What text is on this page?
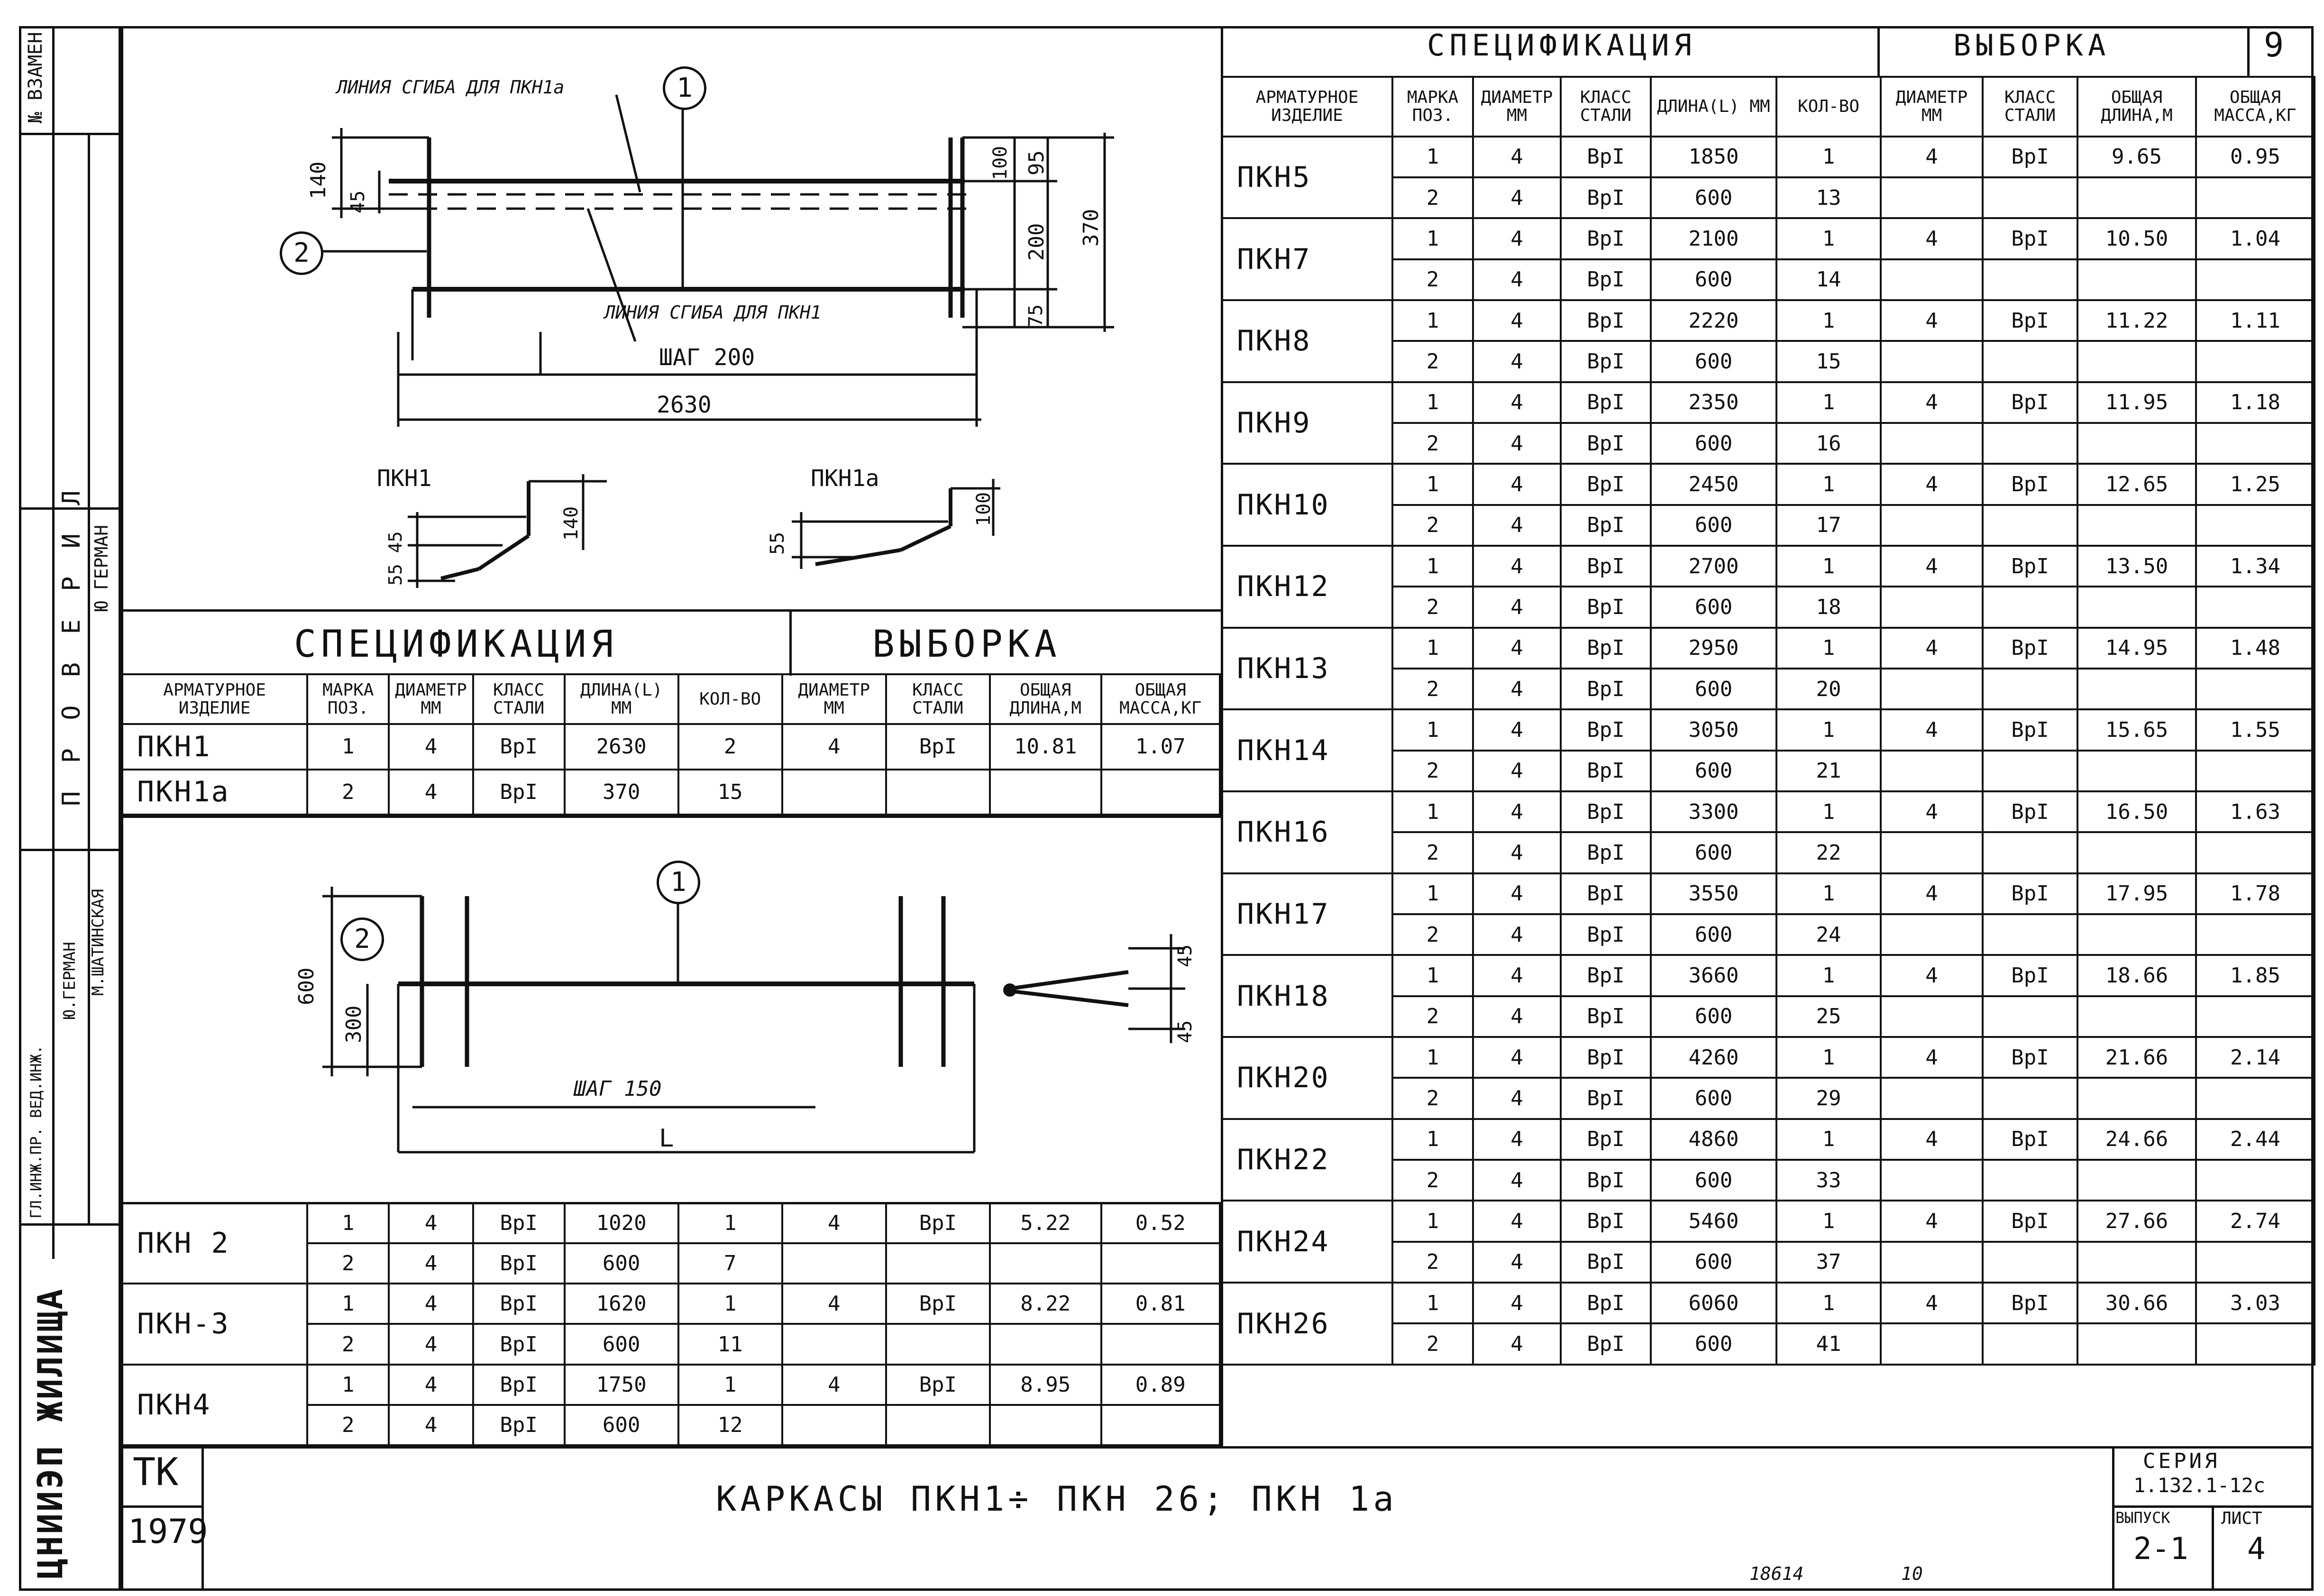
№ ВЗАМЕН
П Р О В Е Р И Л Ю ГЕРМАН
Ю.ГЕРМАН М.ШАТИНСКАЯ
ГЛ.ИНЖ.ПР. ВЕД.ИНЖ.
ЦНИИЭП ЖИЛИЩА
ЛИНИЯ СГИБА ДЛЯ ПКН1а
ЛИНИЯ СГИБА ДЛЯ ПКН1
ШАГ 200
2630
140
45
100 95
200 370
75
1
2
ПКН1	ПКН1а
55 45
140
55
100
1
2
ШАГ 150
L
600
300
45
45
СПЕЦИФИКАЦИЯ	ВЫБОРКА
АРМАТУРНОЕ ИЗДЕЛИЕ	МАРКА ПОЗ.	ДИАМЕТР ММ	КЛАСС СТАЛИ	ДЛИНА(L) ММ	КОЛ-ВО	ДИАМЕТР ММ	КЛАСС СТАЛИ	ОБЩАЯ ДЛИНА,М	ОБЩАЯ МАССА,КГ
ПКН1	1	4	ВрI	2630	2	4	ВрI	10.81	1.07
ПКН1а	2	4	ВрI	370	15				
ПКН 2	1	4	ВрI	1020	1	4	ВрI	5.22	0.52
	2	4	ВрI	600	7				
ПКН-3	1	4	ВрI	1620	1	4	ВрI	8.22	0.81
	2	4	ВрI	600	11				
ПКН4	1	4	ВрI	1750	1	4	ВрI	8.95	0.89
	2	4	ВрI	600	12				
СПЕЦИФИКАЦИЯ	ВЫБОРКА	9
АРМАТУРНОЕ ИЗДЕЛИЕ	МАРКА ПОЗ.	ДИАМЕТР ММ	КЛАСС СТАЛИ	ДЛИНА(L) ММ	КОЛ-ВО	ДИАМЕТР ММ	КЛАСС СТАЛИ	ОБЩАЯ ДЛИНА,М	ОБЩАЯ МАССА,КГ
ПКН5	1	4	ВрI	1850	1	4	ВрI	9.65	0.95
	2	4	ВрI	600	13				
ПКН7	1	4	ВрI	2100	1	4	ВрI	10.50	1.04
	2	4	ВрI	600	14				
ПКН8	1	4	ВрI	2220	1	4	ВрI	11.22	1.11
	2	4	ВрI	600	15				
ПКН9	1	4	ВрI	2350	1	4	ВрI	11.95	1.18
	2	4	ВрI	600	16				
ПКН10	1	4	ВрI	2450	1	4	ВрI	12.65	1.25
	2	4	ВрI	600	17				
ПКН12	1	4	ВрI	2700	1	4	ВрI	13.50	1.34
	2	4	ВрI	600	18				
ПКН13	1	4	ВрI	2950	1	4	ВрI	14.95	1.48
	2	4	ВрI	600	20				
ПКН14	1	4	ВрI	3050	1	4	ВрI	15.65	1.55
	2	4	ВрI	600	21				
ПКН16	1	4	ВрI	3300	1	4	ВрI	16.50	1.63
	2	4	ВрI	600	22				
ПКН17	1	4	ВрI	3550	1	4	ВрI	17.95	1.78
	2	4	ВрI	600	24				
ПКН18	1	4	ВрI	3660	1	4	ВрI	18.66	1.85
	2	4	ВрI	600	25				
ПКН20	1	4	ВрI	4260	1	4	ВрI	21.66	2.14
	2	4	ВрI	600	29				
ПКН22	1	4	ВрI	4860	1	4	ВрI	24.66	2.44
	2	4	ВрI	600	33				
ПКН24	1	4	ВрI	5460	1	4	ВрI	27.66	2.74
	2	4	ВрI	600	37				
ПКН26	1	4	ВрI	6060	1	4	ВрI	30.66	3.03
	2	4	ВрI	600	41				
ТК
1979
КАРКАСЫ ПКН1÷ ПКН 26; ПКН 1а
СЕРИЯ
1.132.1-12с
ВЫПУСК
2-1
ЛИСТ
4
18614	10
